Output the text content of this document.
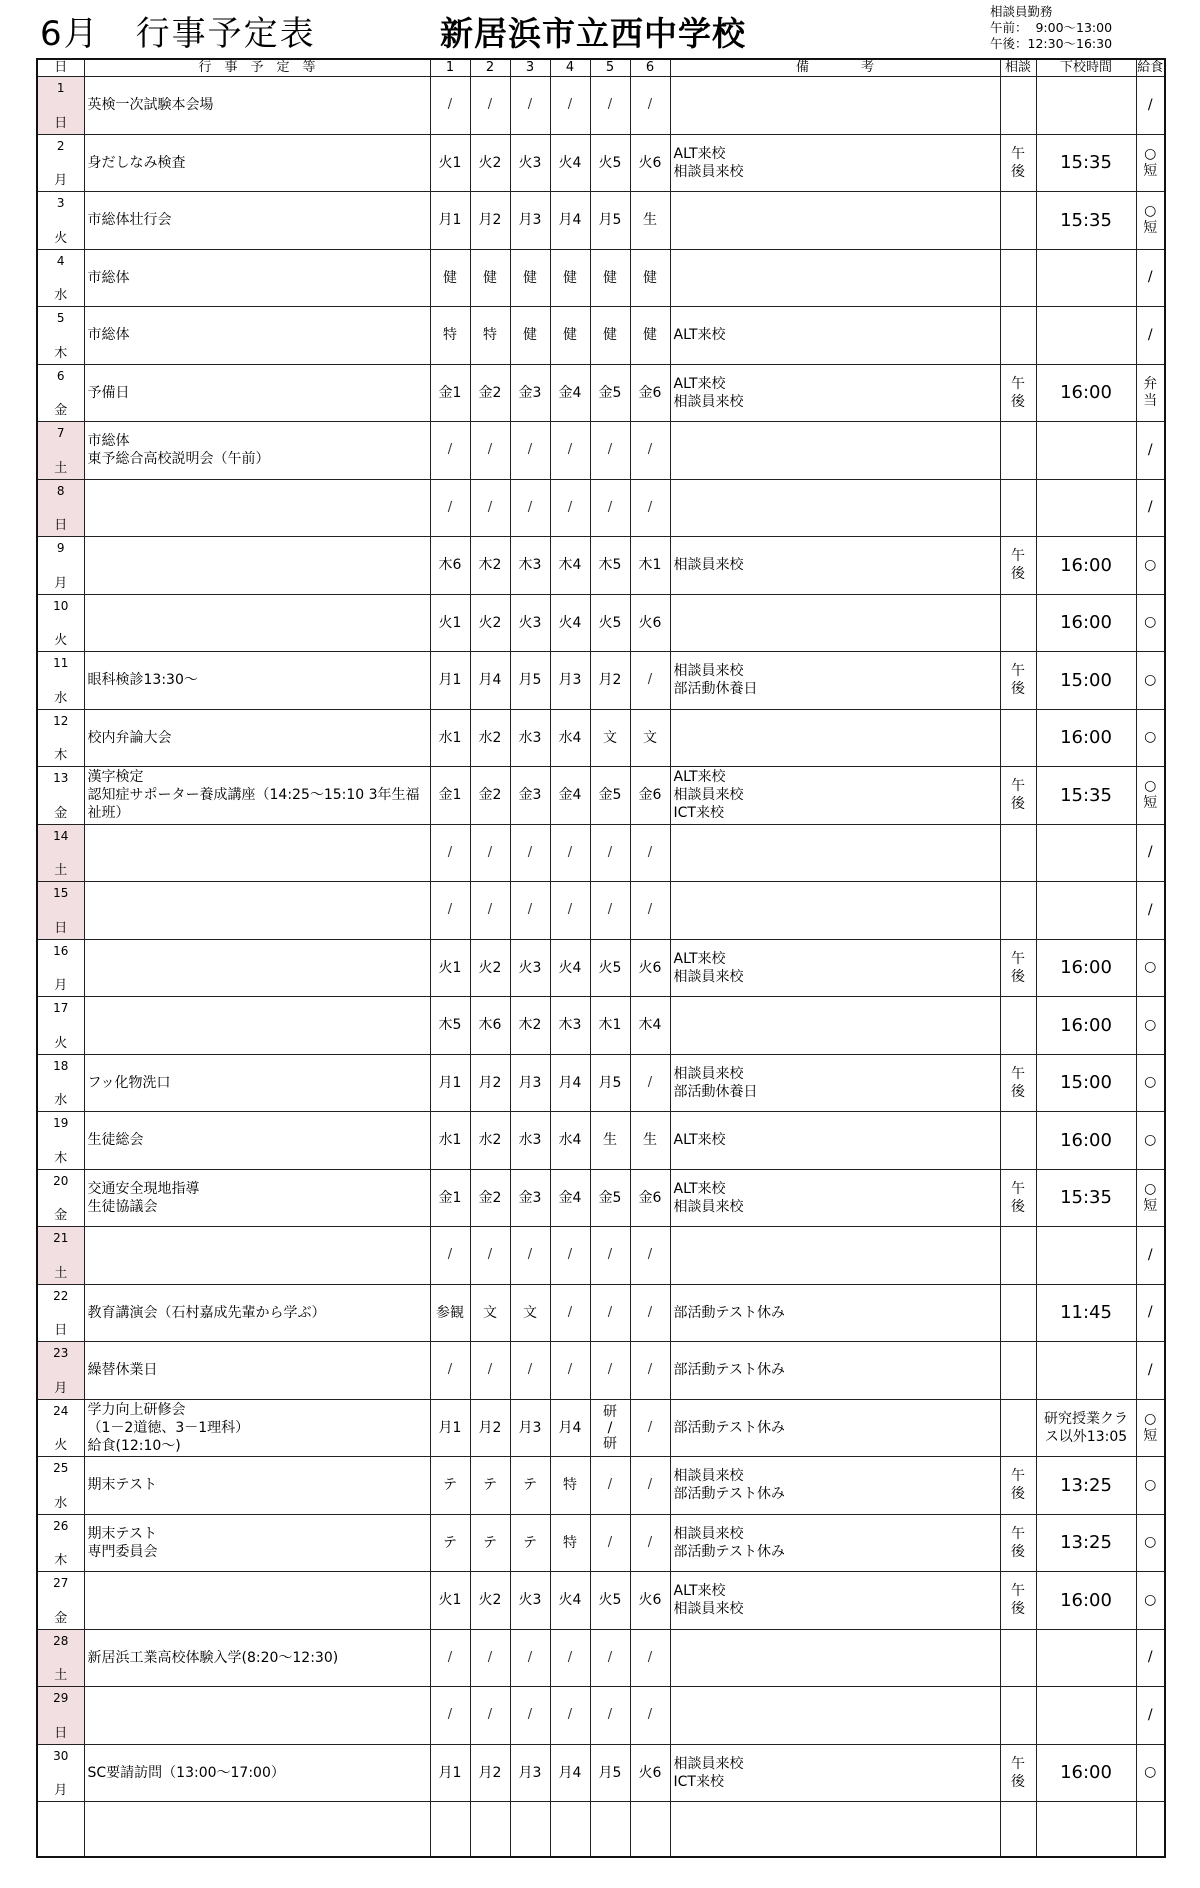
6月　行事予定表	新居浜市立西中学校
相談員勤務
午前：  9:00～13:00
午後：12:30～16:30
日	行　事　予　定　等	1	2	3	4	5	6	備　　　　考	相談	下校時間	給食

1
日	英検一次試験本会場	/	/	/	/	/	/				/

2
月	身だしなみ検査	火1	火2	火3	火4	火5	火6	ALT来校
相談員来校	午
後	15:35	○
短

3
火	市総体壮行会	月1	月2	月3	月4	月5	生			15:35	○
短

4
水	市総体	健	健	健	健	健	健				/

5
木	市総体	特	特	健	健	健	健	ALT来校			/

6
金	予備日	金1	金2	金3	金4	金5	金6	ALT来校
相談員来校	午
後	16:00	弁
当

7
土	市総体
東予総合高校説明会（午前）	/	/	/	/	/	/				/

8
日		/	/	/	/	/	/				/

9
月		木6	木2	木3	木4	木5	木1	相談員来校	午
後	16:00	○

10
火		火1	火2	火3	火4	火5	火6			16:00	○

11
水	眼科検診13:30～	月1	月4	月5	月3	月2	/	相談員来校
部活動休養日	午
後	15:00	○

12
木	校内弁論大会	水1	水2	水3	水4	文	文			16:00	○

13
金	漢字検定
認知症サポーター養成講座（14:25～15:10 3年生福祉班）	金1	金2	金3	金4	金5	金6	ALT来校
相談員来校
ICT来校	午
後	15:35	○
短

14
土		/	/	/	/	/	/				/

15
日		/	/	/	/	/	/				/

16
月		火1	火2	火3	火4	火5	火6	ALT来校
相談員来校	午
後	16:00	○

17
火		木5	木6	木2	木3	木1	木4			16:00	○

18
水	フッ化物洗口	月1	月2	月3	月4	月5	/	相談員来校
部活動休養日	午
後	15:00	○

19
木	生徒総会	水1	水2	水3	水4	生	生	ALT来校		16:00	○

20
金	交通安全現地指導
生徒協議会	金1	金2	金3	金4	金5	金6	ALT来校
相談員来校	午
後	15:35	○
短

21
土		/	/	/	/	/	/				/

22
日	教育講演会（石村嘉成先輩から学ぶ）	参観	文	文	/	/	/	部活動テスト休み		11:45	/

23
月	繰替休業日	/	/	/	/	/	/	部活動テスト休み			/

24
火	学力向上研修会
（1－2道徳、3－1理科）
給食(12:10～)	月1	月2	月3	月4	研
/
研	/	部活動テスト休み		研究授業クラ
ス以外13:05	○
短

25
水	期末テスト	テ	テ	テ	特	/	/	相談員来校
部活動テスト休み	午
後	13:25	○

26
木	期末テスト
専門委員会	テ	テ	テ	特	/	/	相談員来校
部活動テスト休み	午
後	13:25	○

27
金		火1	火2	火3	火4	火5	火6	ALT来校
相談員来校	午
後	16:00	○

28
土	新居浜工業高校体験入学(8:20～12:30)	/	/	/	/	/	/				/

29
日		/	/	/	/	/	/				/

30
月	SC要請訪問（13:00～17:00）	月1	月2	月3	月4	月5	火6	相談員来校
ICT来校	午
後	16:00	○
